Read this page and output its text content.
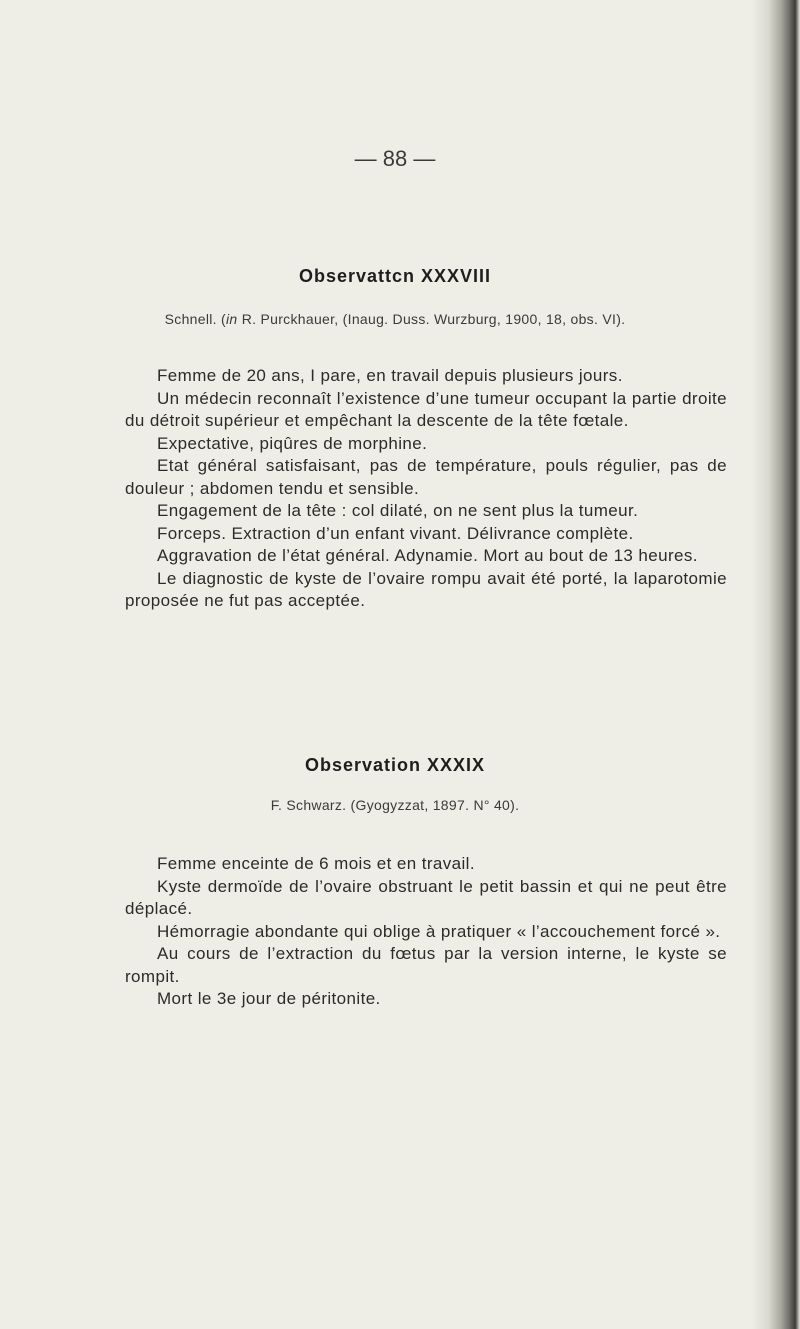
— 88 —
Observattcn XXXVIII
Schnell. (in R. Purckhauer, (Inaug. Duss. Wurzburg, 1900, 18, obs. VI).

Femme de 20 ans, I pare, en travail depuis plusieurs jours.

Un médecin reconnaît l’existence d’une tumeur occupant la partie droite du détroit supérieur et empêchant la descente de la tête fœtale.

Expectative, piqûres de morphine.

Etat général satisfaisant, pas de température, pouls régulier, pas de douleur ; abdomen tendu et sensible.

Engagement de la tête : col dilaté, on ne sent plus la tumeur.

Forceps. Extraction d’un enfant vivant. Délivrance complète.

Aggravation de l’état général. Adynamie. Mort au bout de 13 heures.

Le diagnostic de kyste de l’ovaire rompu avait été porté, la laparotomie proposée ne fut pas acceptée.

Observation XXXIX
F. Schwarz. (Gyogyzzat, 1897. N° 40).

Femme enceinte de 6 mois et en travail.

Kyste dermoïde de l’ovaire obstruant le petit bassin et qui ne peut être déplacé.

Hémorragie abondante qui oblige à pratiquer « l’accouchement forcé ».

Au cours de l’extraction du fœtus par la version interne, le kyste se rompit.

Mort le 3e jour de péritonite.
